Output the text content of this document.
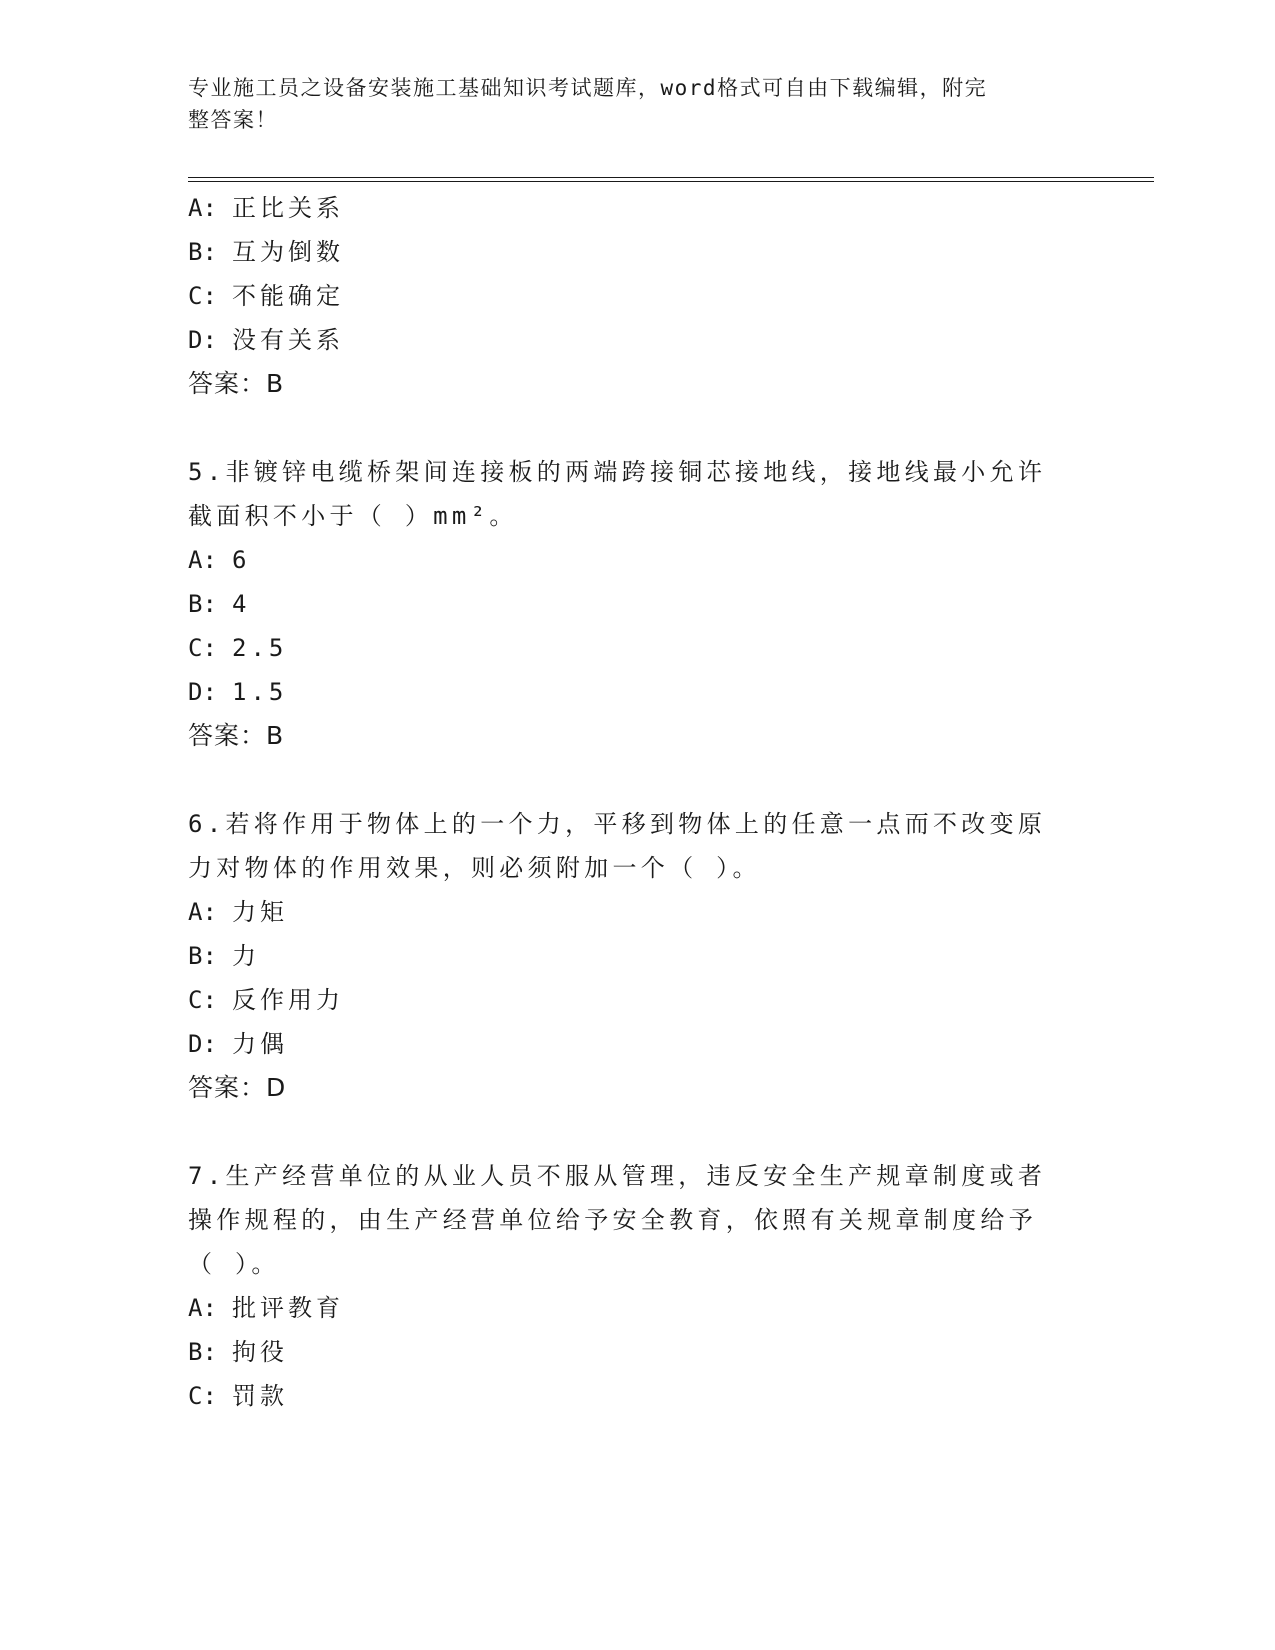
专业施工员之设备安装施工基础知识考试题库，word格式可自由下载编辑，附完
整答案！
A: 正比关系
B: 互为倒数
C: 不能确定
D: 没有关系
答案：B
5.非镀锌电缆桥架间连接板的两端跨接铜芯接地线，接地线最小允许
截面积不小于（ ）mm²。
A: 6
B: 4
C: 2.5
D: 1.5
答案：B
6.若将作用于物体上的一个力，平移到物体上的任意一点而不改变原
力对物体的作用效果，则必须附加一个（ ）。
A: 力矩
B: 力
C: 反作用力
D: 力偶
答案：D
7.生产经营单位的从业人员不服从管理，违反安全生产规章制度或者
操作规程的，由生产经营单位给予安全教育，依照有关规章制度给予
（ ）。
A: 批评教育
B: 拘役
C: 罚款
